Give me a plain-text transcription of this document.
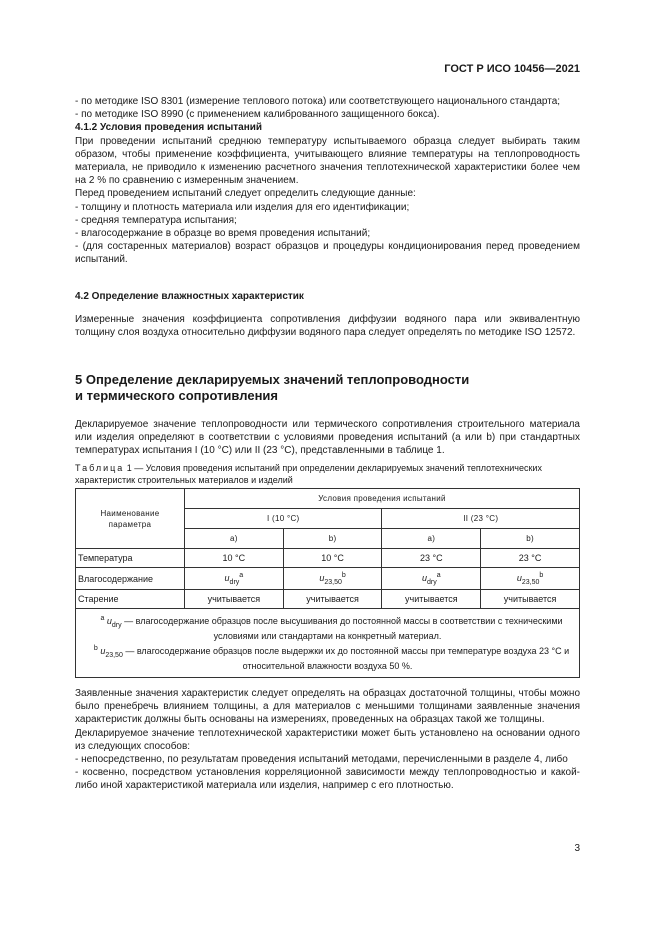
ГОСТ Р ИСО 10456—2021

- по методике ISO 8301 (измерение теплового потока) или соответствующего национального стандарта;

- по методике ISO 8990 (с применением калиброванного защищенного бокса).

4.1.2 Условия проведения испытаний

При проведении испытаний среднюю температуру испытываемого образца следует выбирать таким образом, чтобы применение коэффициента, учитывающего влияние температуры на теплопроводность материала, не приводило к изменению расчетного значения теплотехнической характеристики более чем на 2 % по сравнению с измеренным значением.

Перед проведением испытаний следует определить следующие данные:

- толщину и плотность материала или изделия для его идентификации;

- средняя температура испытания;

- влагосодержание в образце во время проведения испытаний;

- (для состаренных материалов) возраст образцов и процедуры кондиционирования перед проведением испытаний.

4.2 Определение влажностных характеристик

Измеренные значения коэффициента сопротивления диффузии водяного пара или эквивалентную толщину слоя воздуха относительно диффузии водяного пара следует определять по методике ISO 12572.

5 Определение декларируемых значений теплопроводности

и термического сопротивления

Декларируемое значение теплопроводности или термического сопротивления строительного материала или изделия определяют в соответствии с условиями проведения испытаний (а или b) при стандартных температурах испытания I (10 °C) или II (23 °C), представленными в таблице 1.

Таблица 1 — Условия проведения испытаний при определении декларируемых значений теплотехнических характеристик строительных материалов и изделий
Наименование параметра	Условия проведения испытаний			
	I (10 °C)		II (23 °C)	
	a)	b)	a)	b)
Температура	10 °C	10 °C	23 °C	23 °C
Влагосодержание	$u_{dry}^a$	$u_{23,50}^b$	$u_{dry}^a$	$u_{23,50}^b$
Старение	учитывается	учитывается	учитывается	учитывается

$^a$ $u_{dry}$ — влагосодержание образцов после высушивания до постоянной массы в соответствии с техническими условиями или стандартами на конкретный материал.

$^b$ $u_{23,50}$ — влагосодержание образцов после выдержки их до постоянной массы при температуре воздуха 23 °C и относительной влажности воздуха 50 %.				

Заявленные значения характеристик следует определять на образцах достаточной толщины, чтобы можно было пренебречь влиянием толщины, а для материалов с меньшими толщинами заявленные значения характеристик должны быть основаны на измерениях, проведенных на образцах такой же толщины.

Декларируемое значение теплотехнической характеристики может быть установлено на основании одного из следующих способов:

- непосредственно, по результатам проведения испытаний методами, перечисленными в разделе 4, либо

- косвенно, посредством установления корреляционной зависимости между теплопроводностью и какой-либо иной характеристикой материала или изделия, например с его плотностью.

3
